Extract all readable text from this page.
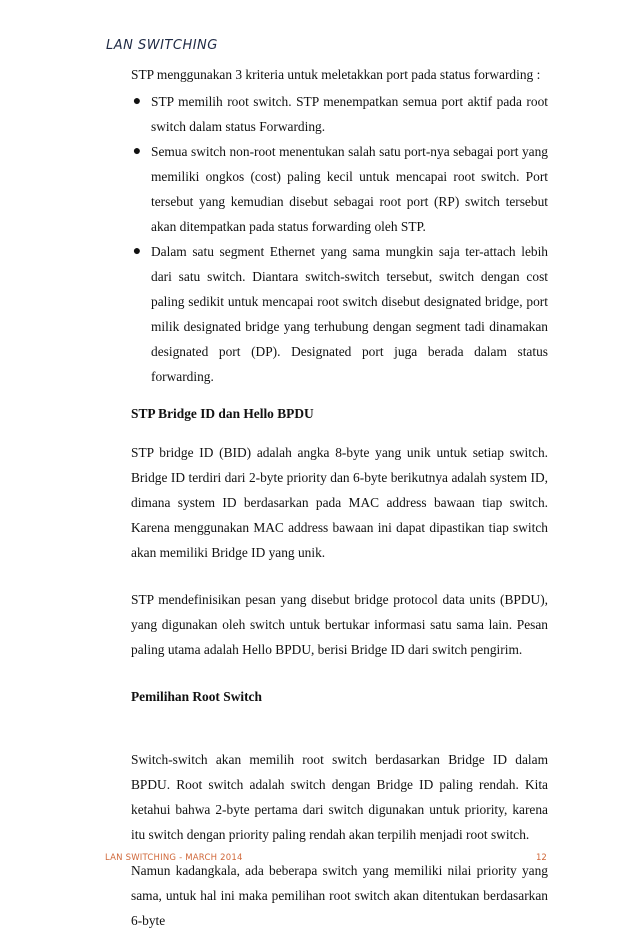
LAN SWITCHING

STP menggunakan 3 kriteria untuk meletakkan port pada status forwarding :

● STP memilih root switch. STP menempatkan semua port aktif pada root switch dalam status Forwarding.
● Semua switch non-root menentukan salah satu port-nya sebagai port yang memiliki ongkos (cost) paling kecil untuk mencapai root switch. Port tersebut yang kemudian disebut sebagai root port (RP) switch tersebut akan ditempatkan pada status forwarding oleh STP.
● Dalam satu segment Ethernet yang sama mungkin saja ter-attach lebih dari satu switch. Diantara switch-switch tersebut, switch dengan cost paling sedikit untuk mencapai root switch disebut designated bridge, port milik designated bridge yang terhubung dengan segment tadi dinamakan designated port (DP). Designated port juga berada dalam status forwarding.

STP Bridge ID dan Hello BPDU

STP bridge ID (BID) adalah angka 8-byte yang unik untuk setiap switch. Bridge ID terdiri dari 2-byte priority dan 6-byte berikutnya adalah system ID, dimana system ID berdasarkan pada MAC address bawaan tiap switch. Karena menggunakan MAC address bawaan ini dapat dipastikan tiap switch akan memiliki Bridge ID yang unik.

STP mendefinisikan pesan yang disebut bridge protocol data units (BPDU), yang digunakan oleh switch untuk bertukar informasi satu sama lain. Pesan paling utama adalah Hello BPDU, berisi Bridge ID dari switch pengirim.

Pemilihan Root Switch

Switch-switch akan memilih root switch berdasarkan Bridge ID dalam BPDU. Root switch adalah switch dengan Bridge ID paling rendah. Kita ketahui bahwa 2-byte pertama dari switch digunakan untuk priority, karena itu switch dengan priority paling rendah akan terpilih menjadi root switch.

Namun kadangkala, ada beberapa switch yang memiliki nilai priority yang sama, untuk hal ini maka pemilihan root switch akan ditentukan berdasarkan 6-byte

LAN SWITCHING - MARCH 2014	12
